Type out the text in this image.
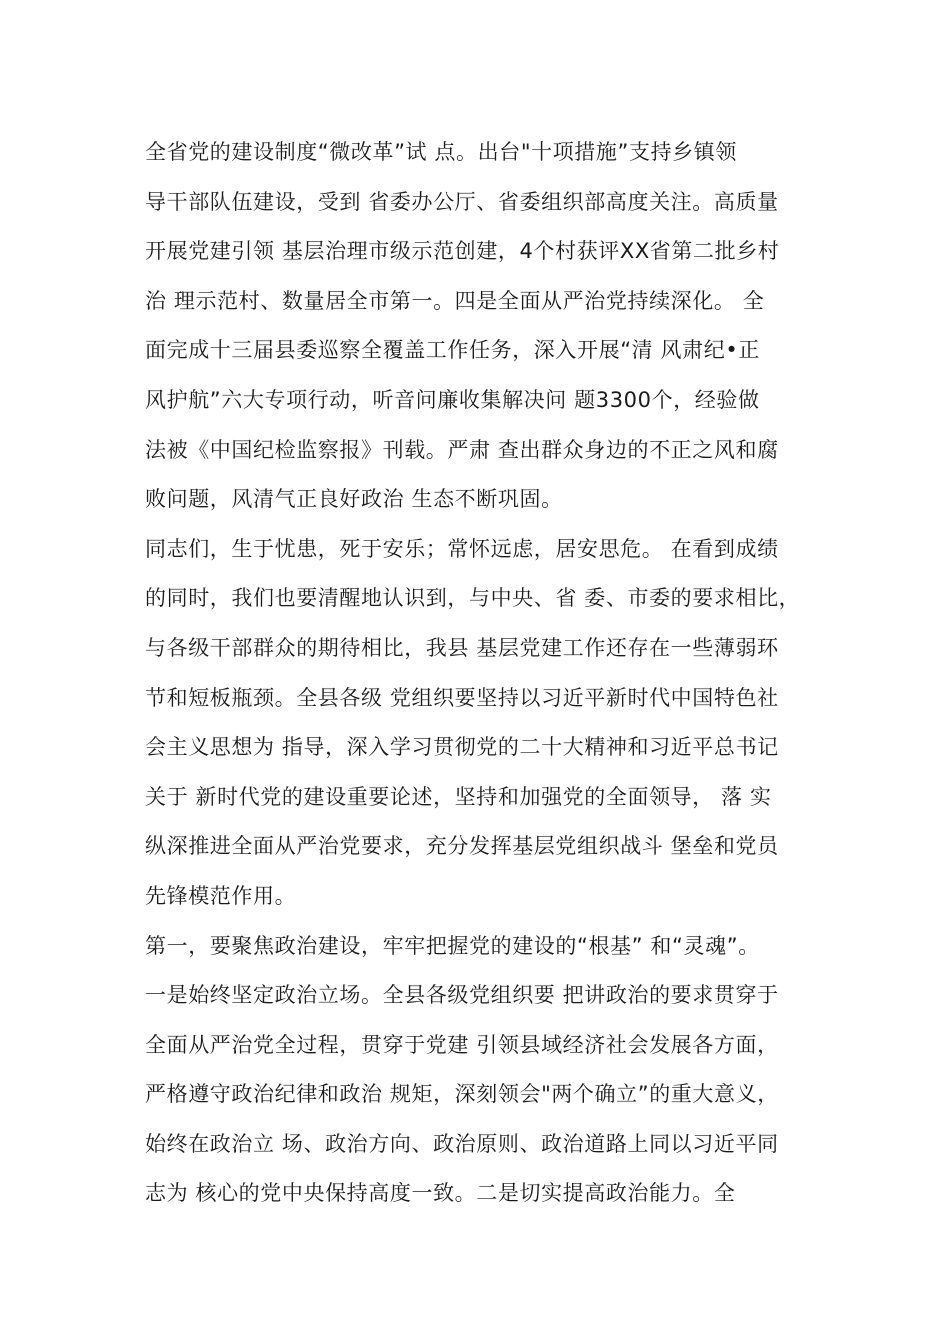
全省党的建设制度“微改革”试 点。出台"十项措施”支持乡镇领
导干部队伍建设，受到 省委办公厅、省委组织部高度关注。高质量
开展党建引领 基层治理市级示范创建，4个村获评XX省第二批乡村
治 理示范村、数量居全市第一。四是全面从严治党持续深化。 全
面完成十三届县委巡察全覆盖工作任务，深入开展“清 风肃纪•正
风护航”六大专项行动，听音问廉收集解决问 题3300个，经验做
法被《中国纪检监察报》刊载。严肃 查出群众身边的不正之风和腐
败问题，风清气正良好政治 生态不断巩固。
同志们，生于忧患，死于安乐；常怀远虑，居安思危。 在看到成绩
的同时，我们也要清醒地认识到，与中央、省 委、市委的要求相比，
与各级干部群众的期待相比，我县 基层党建工作还存在一些薄弱环
节和短板瓶颈。全县各级 党组织要坚持以习近平新时代中国特色社
会主义思想为 指导，深入学习贯彻党的二十大精神和习近平总书记
关于 新时代党的建设重要论述，坚持和加强党的全面领导， 落 实
纵深推进全面从严治党要求，充分发挥基层党组织战斗 堡垒和党员
先锋模范作用。
第一，要聚焦政治建设，牢牢把握党的建设的“根基” 和“灵魂”。
一是始终坚定政治立场。全县各级党组织要 把讲政治的要求贯穿于
全面从严治党全过程，贯穿于党建 引领县域经济社会发展各方面，
严格遵守政治纪律和政治 规矩，深刻领会"两个确立”的重大意义，
始终在政治立 场、政治方向、政治原则、政治道路上同以习近平同
志为 核心的党中央保持高度一致。二是切实提高政治能力。全
